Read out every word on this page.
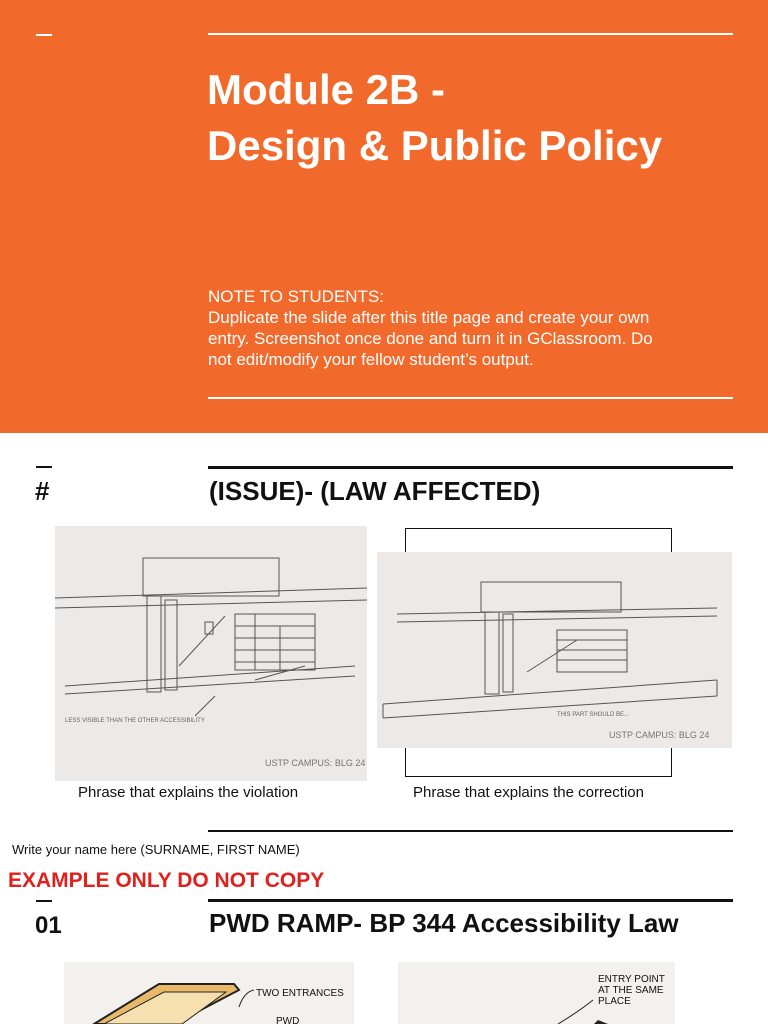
Module 2B -
Design & Public Policy

NOTE TO STUDENTS:

Duplicate the slide after this title page and create your own

entry. Screenshot once done and turn it in GClassroom. Do

not edit/modify your fellow student’s output.

#	(ISSUE)- (LAW AFFECTED)
LESS VISIBLE THAN THE OTHER ACCESSIBILITY
USTP CAMPUS: BLG 24
THIS PART SHOULD BE...
USTP CAMPUS: BLG 24
Phrase that explains the violation	Phrase that explains the correction
Write your name here (SURNAME, FIRST NAME)
EXAMPLE ONLY DO NOT COPY
01	PWD RAMP- BP 344 Accessibility Law
TWO ENTRANCES
PWD
ENTRY POINT
AT THE SAME
PLACE
